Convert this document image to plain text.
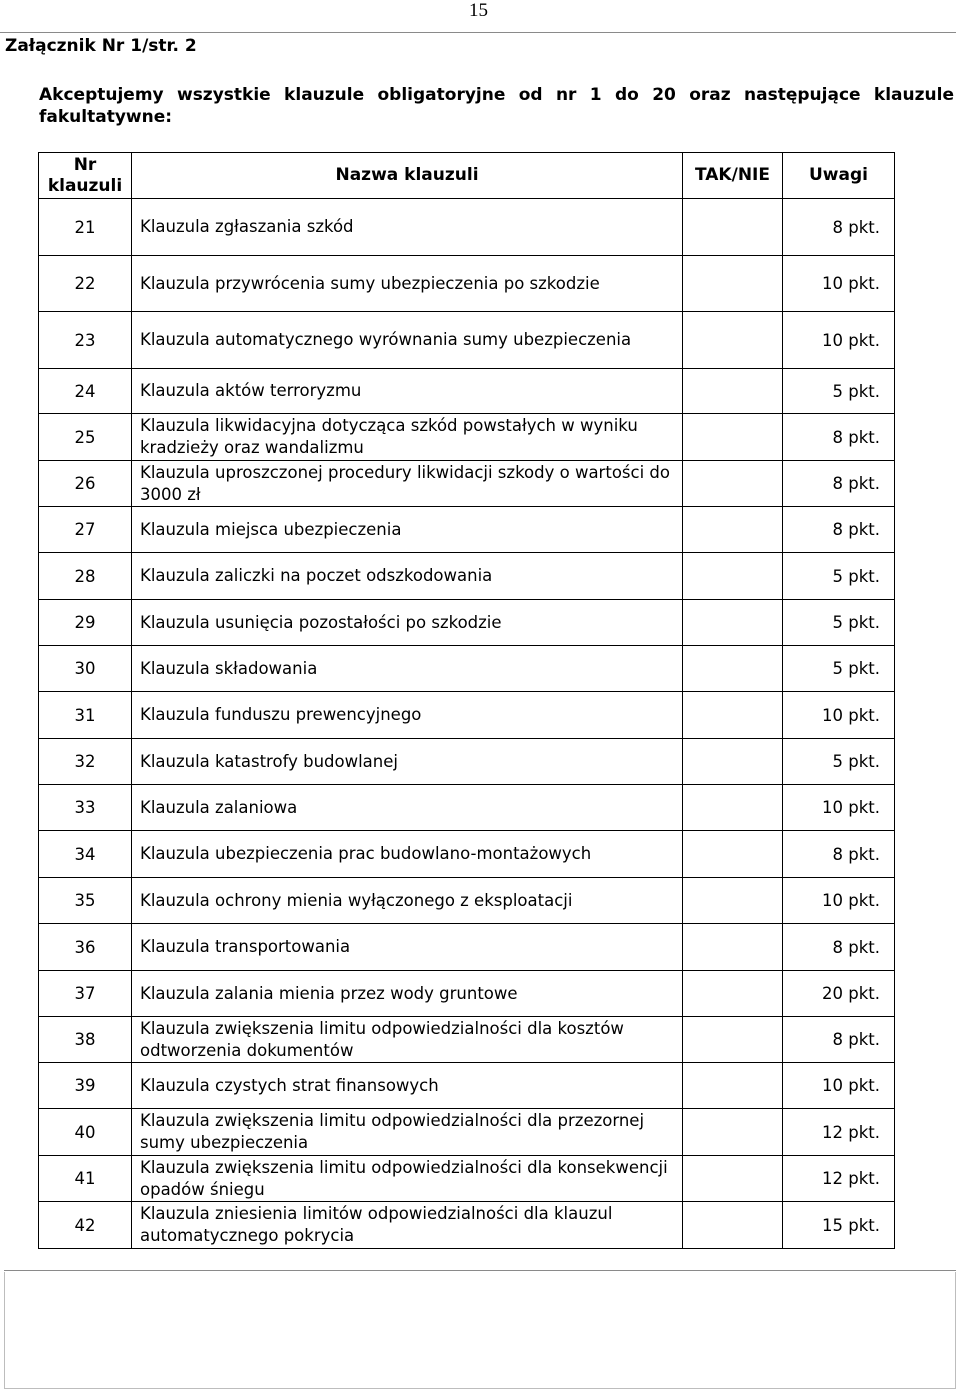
15
Załącznik Nr 1/str. 2
Akceptujemy wszystkie klauzule obligatoryjne od nr 1 do 20 oraz następujące klauzule
fakultatywne:
Nr klauzuli	Nazwa klauzuli	TAK/NIE	Uwagi
21	Klauzula zgłaszania szkód		8 pkt.
22	Klauzula przywrócenia sumy ubezpieczenia po szkodzie		10 pkt.
23	Klauzula automatycznego wyrównania sumy ubezpieczenia		10 pkt.
24	Klauzula aktów terroryzmu		5 pkt.
25	Klauzula likwidacyjna dotycząca szkód powstałych w wyniku kradzieży oraz wandalizmu		8 pkt.
26	Klauzula uproszczonej procedury likwidacji szkody o wartości do 3000 zł		8 pkt.
27	Klauzula miejsca ubezpieczenia		8 pkt.
28	Klauzula zaliczki na poczet odszkodowania		5 pkt.
29	Klauzula usunięcia pozostałości po szkodzie		5 pkt.
30	Klauzula składowania		5 pkt.
31	Klauzula funduszu prewencyjnego		10 pkt.
32	Klauzula katastrofy budowlanej		5 pkt.
33	Klauzula zalaniowa		10 pkt.
34	Klauzula ubezpieczenia prac budowlano-montażowych		8 pkt.
35	Klauzula ochrony mienia wyłączonego z eksploatacji		10 pkt.
36	Klauzula transportowania		8 pkt.
37	Klauzula zalania mienia przez wody gruntowe		20 pkt.
38	Klauzula zwiększenia limitu odpowiedzialności dla kosztów odtworzenia dokumentów		8 pkt.
39	Klauzula czystych strat finansowych		10 pkt.
40	Klauzula zwiększenia limitu odpowiedzialności dla przezornej sumy ubezpieczenia		12 pkt.
41	Klauzula zwiększenia limitu odpowiedzialności dla konsekwencji opadów śniegu		12 pkt.
42	Klauzula zniesienia limitów odpowiedzialności dla klauzul automatycznego pokrycia		15 pkt.
